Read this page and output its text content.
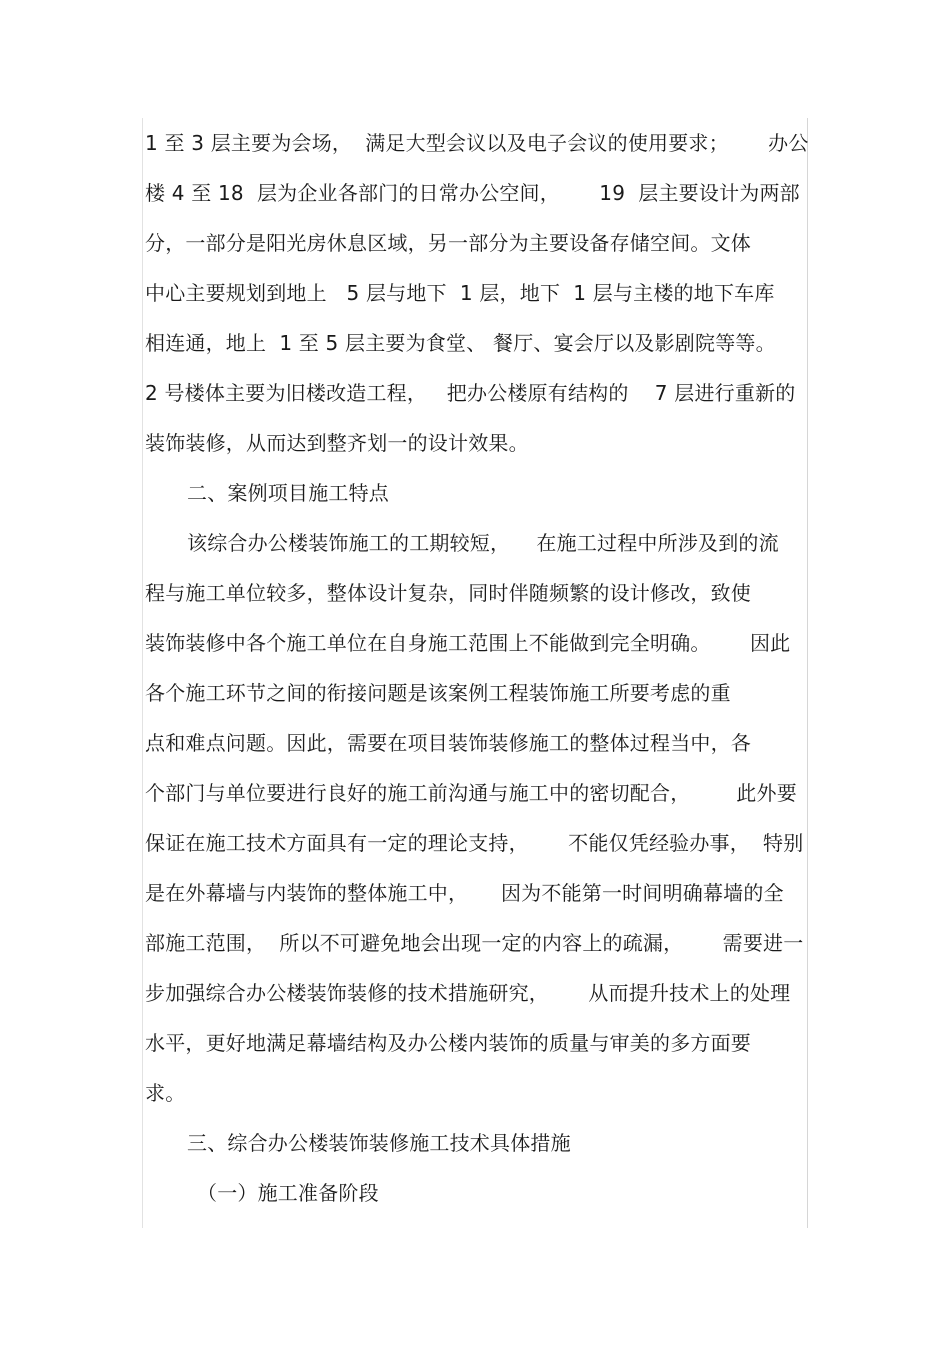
1 至 3 层主要为会场，  满足大型会议以及电子会议的使用要求；      办公
楼 4 至 18  层为企业各部门的日常办公空间，      19  层主要设计为两部
分，一部分是阳光房休息区域，另一部分为主要设备存储空间。文体
中心主要规划到地上   5 层与地下  1 层，地下  1 层与主楼的地下车库
相连通，地上  1 至 5 层主要为食堂、 餐厅、宴会厅以及影剧院等等。
2 号楼体主要为旧楼改造工程，   把办公楼原有结构的    7 层进行重新的
装饰装修，从而达到整齐划一的设计效果。
二、案例项目施工特点
该综合办公楼装饰施工的工期较短，    在施工过程中所涉及到的流
程与施工单位较多，整体设计复杂，同时伴随频繁的设计修改，致使
装饰装修中各个施工单位在自身施工范围上不能做到完全明确。      因此
各个施工环节之间的衔接问题是该案例工程装饰施工所要考虑的重
点和难点问题。因此，需要在项目装饰装修施工的整体过程当中，各
个部门与单位要进行良好的施工前沟通与施工中的密切配合，       此外要
保证在施工技术方面具有一定的理论支持，      不能仅凭经验办事，  特别
是在外幕墙与内装饰的整体施工中，     因为不能第一时间明确幕墙的全
部施工范围，  所以不可避免地会出现一定的内容上的疏漏，      需要进一
步加强综合办公楼装饰装修的技术措施研究，      从而提升技术上的处理
水平，更好地满足幕墙结构及办公楼内装饰的质量与审美的多方面要
求。
三、综合办公楼装饰装修施工技术具体措施
（一）施工准备阶段
